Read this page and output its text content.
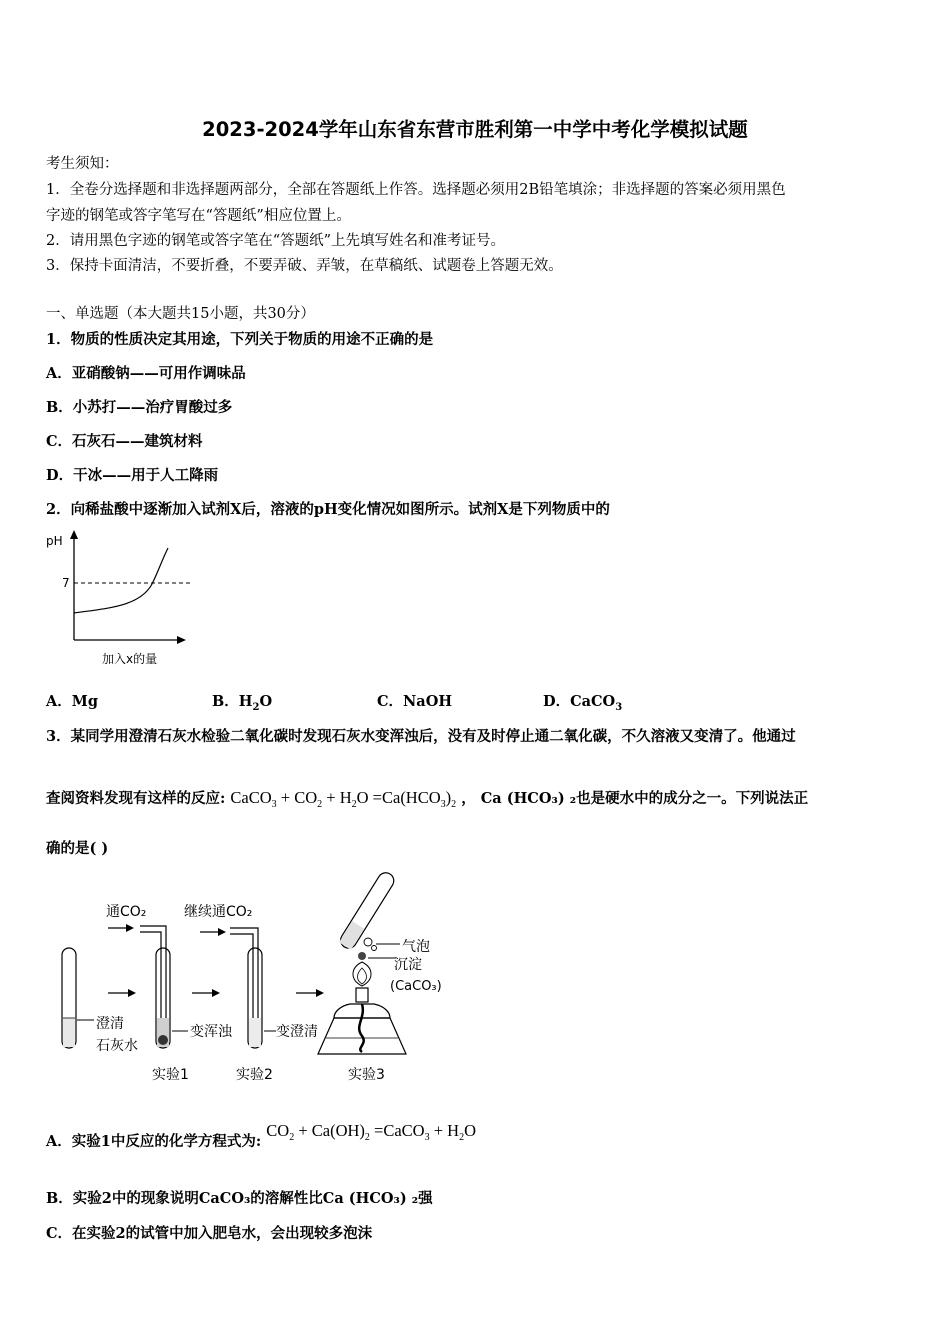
2023-2024学年山东省东营市胜利第一中学中考化学模拟试题
考生须知：
1．全卷分选择题和非选择题两部分，全部在答题纸上作答。选择题必须用2B铅笔填涂；非选择题的答案必须用黑色
字迹的钢笔或答字笔写在“答题纸”相应位置上。
2．请用黑色字迹的钢笔或答字笔在“答题纸”上先填写姓名和准考证号。
3．保持卡面清洁，不要折叠，不要弄破、弄皱，在草稿纸、试题卷上答题无效。
一、单选题（本大题共15小题，共30分）
1．物质的性质决定其用途，下列关于物质的用途不正确的是
A．亚硝酸钠——可用作调味品
B．小苏打——治疗胃酸过多
C．石灰石——建筑材料
D．干冰——用于人工降雨
2．向稀盐酸中逐渐加入试剂X后，溶液的pH变化情况如图所示。试剂X是下列物质中的
pH
7
加入x的量
A．Mg	B．$H_2O$	C．NaOH	D．CaCO$_3$
3．某同学用澄清石灰水检验二氧化碳时发现石灰水变浑浊后，没有及时停止通二氧化碳，不久溶液又变清了。他通过
查阅资料发现有这样的反应: CaCO$_3$ + $CO_2 + H_2O =Ca(HCO_3)_2$ ， Ca (HCO₃) ₂也是硬水中的成分之一。下列说法正
确的是( )
澄清
石灰水
通CO₂
变浑浊
实验1
继续通CO₂
变澄清
实验2
气泡
沉淀
(CaCO₃)
实验3
A．实验1中反应的化学方程式为: $CO_2 + Ca(OH)_2$ =CaCO$_3$ + $H_2O$
B．实验2中的现象说明CaCO₃的溶解性比Ca (HCO₃) ₂强
C．在实验2的试管中加入肥皂水，会出现较多泡沫
